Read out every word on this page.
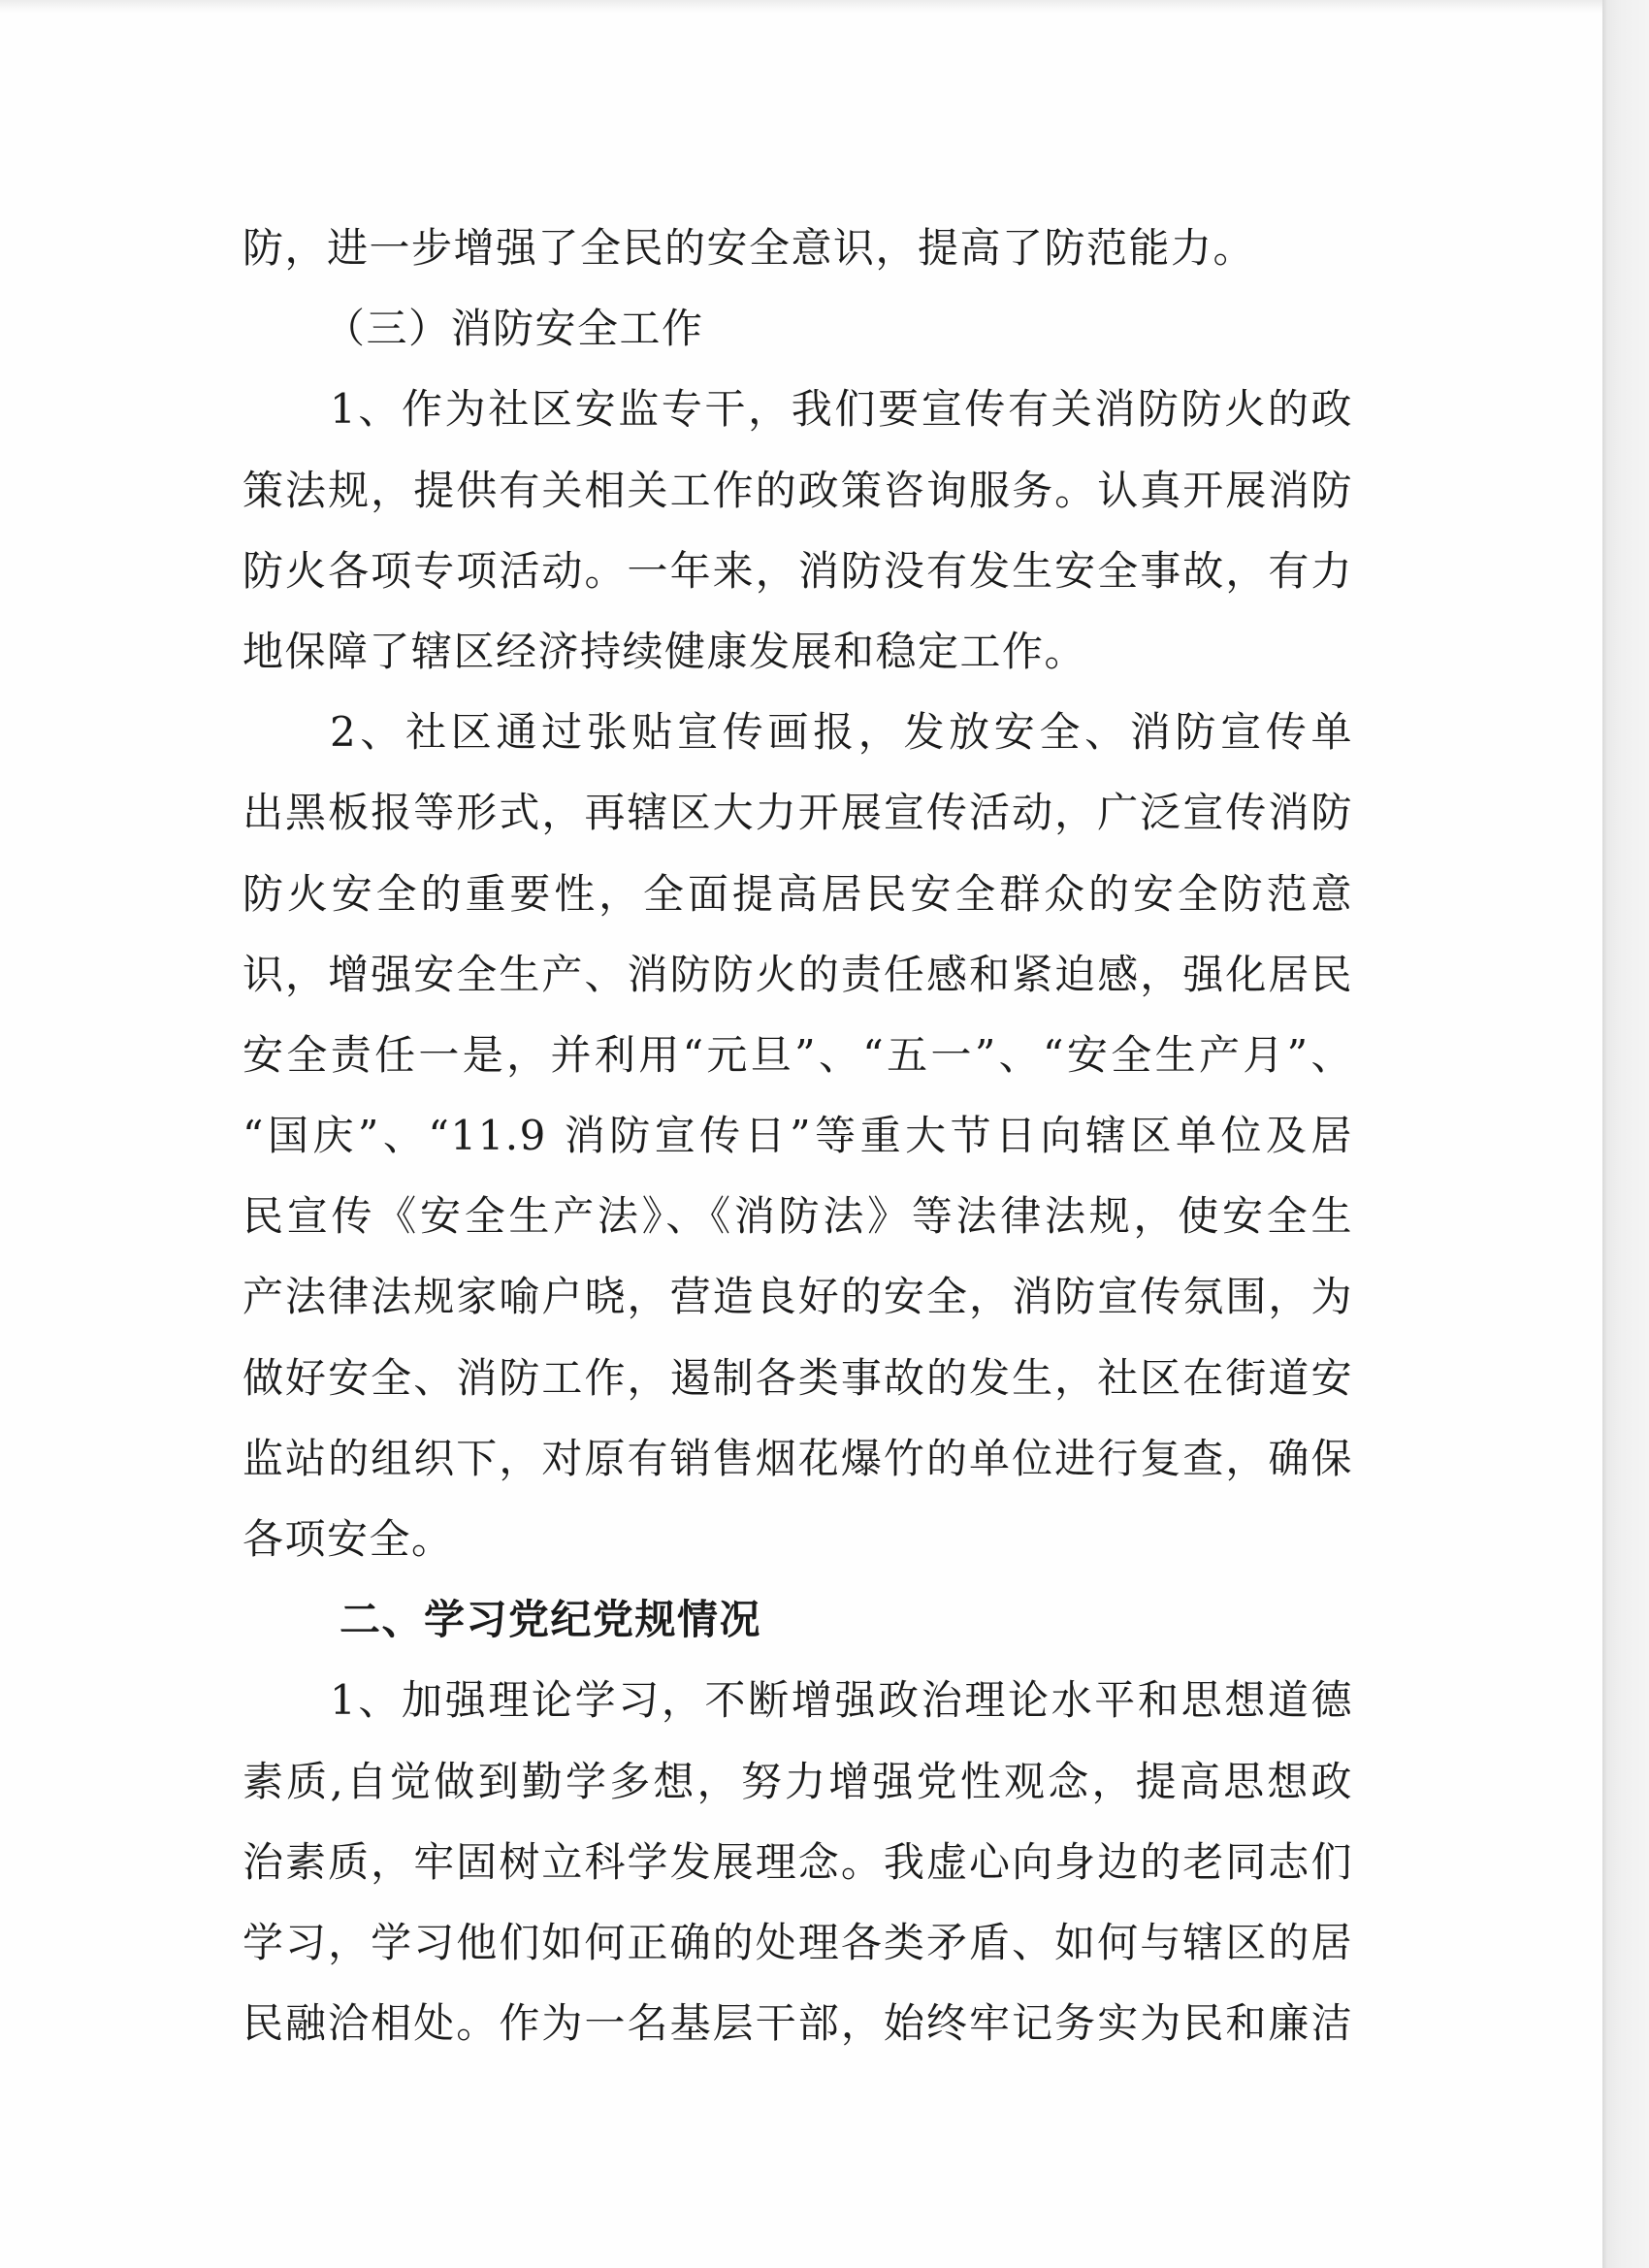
防，进一步增强了全民的安全意识，提高了防范能力。
（三）消防安全工作
1、作为社区安监专干，我们要宣传有关消防防火的政
策法规，提供有关相关工作的政策咨询服务。认真开展消防
防火各项专项活动。一年来，消防没有发生安全事故，有力
地保障了辖区经济持续健康发展和稳定工作。
2、社区通过张贴宣传画报，发放安全、消防宣传单
出黑板报等形式，再辖区大力开展宣传活动，广泛宣传消防
防火安全的重要性，全面提高居民安全群众的安全防范意
识，增强安全生产、消防防火的责任感和紧迫感，强化居民
安全责任一是，并利用“元旦”、“五一”、“安全生产月”、
“国庆”、“11.9 消防宣传日”等重大节日向辖区单位及居
民宣传《安全生产法》、《消防法》等法律法规，使安全生
产法律法规家喻户晓，营造良好的安全，消防宣传氛围，为
做好安全、消防工作，遏制各类事故的发生，社区在街道安
监站的组织下，对原有销售烟花爆竹的单位进行复查，确保
各项安全。
二、学习党纪党规情况
1、加强理论学习，不断增强政治理论水平和思想道德
素质,自觉做到勤学多想，努力增强党性观念，提高思想政
治素质，牢固树立科学发展理念。我虚心向身边的老同志们
学习，学习他们如何正确的处理各类矛盾、如何与辖区的居
民融洽相处。作为一名基层干部，始终牢记务实为民和廉洁
